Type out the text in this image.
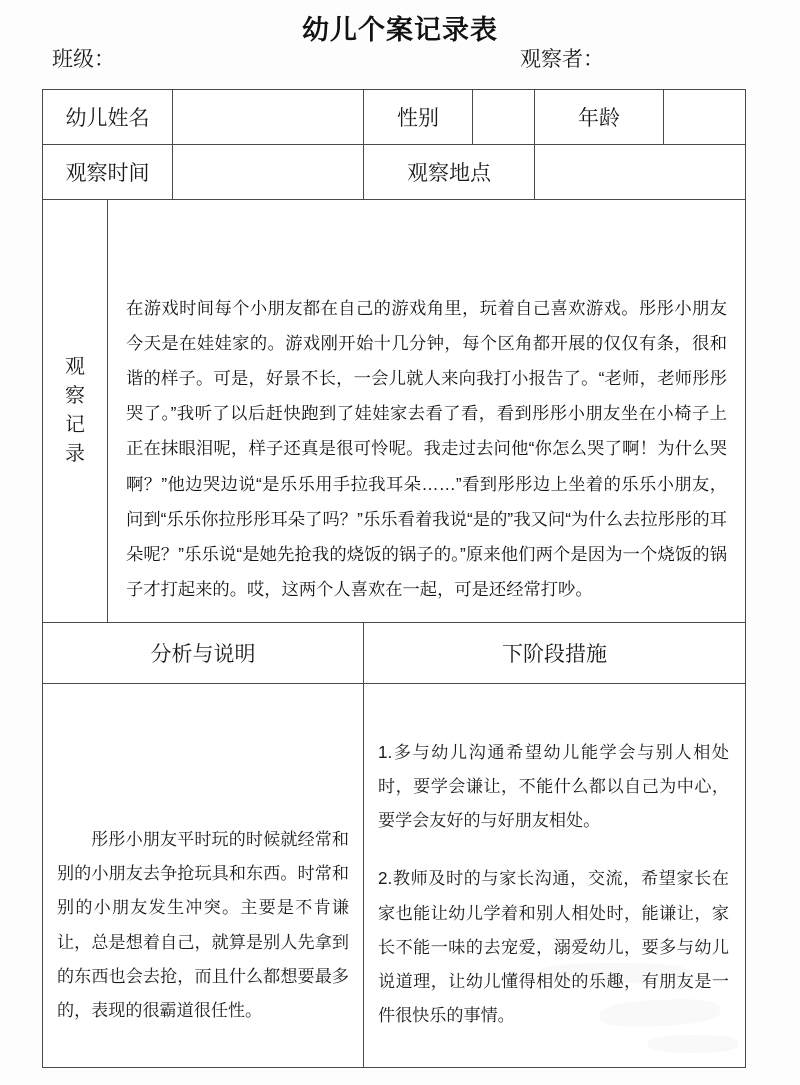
幼儿个案记录表
班级：	观察者：
幼儿姓名			性别		年龄	
观察时间			观察地点			
观察记录	在游戏时间每个小朋友都在自己的游戏角里，玩着自己喜欢游戏。彤彤小朋友今天是在娃娃家的。游戏刚开始十几分钟，每个区角都开展的仅仅有条，很和谐的样子。可是，好景不长，一会儿就人来向我打小报告了。“老师，老师彤彤哭了。”我听了以后赶快跑到了娃娃家去看了看，看到彤彤小朋友坐在小椅子上正在抹眼泪呢，样子还真是很可怜呢。我走过去问他“你怎么哭了啊！为什么哭啊？”他边哭边说“是乐乐用手拉我耳朵……”看到彤彤边上坐着的乐乐小朋友，问到“乐乐你拉彤彤耳朵了吗？”乐乐看着我说“是的”我又问“为什么去拉彤彤的耳朵呢？”乐乐说“是她先抢我的烧饭的锅子的。”原来他们两个是因为一个烧饭的锅子才打起来的。哎，这两个人喜欢在一起，可是还经常打吵。					

分析与说明			下阶段措施			

彤彤小朋友平时玩的时候就经常和别的小朋友去争抢玩具和东西。时常和别的小朋友发生冲突。主要是不肯谦让，总是想着自己，就算是别人先拿到的东西也会去抢，而且什么都想要最多的，表现的很霸道很任性。			1.多与幼儿沟通希望幼儿能学会与别人相处时，要学会谦让，不能什么都以自己为中心，要学会友好的与好朋友相处。

2.教师及时的与家长沟通，交流，希望家长在家也能让幼儿学着和别人相处时，能谦让，家长不能一味的去宠爱，溺爱幼儿，要多与幼儿说道理，让幼儿懂得相处的乐趣，有朋友是一件很快乐的事情。			
